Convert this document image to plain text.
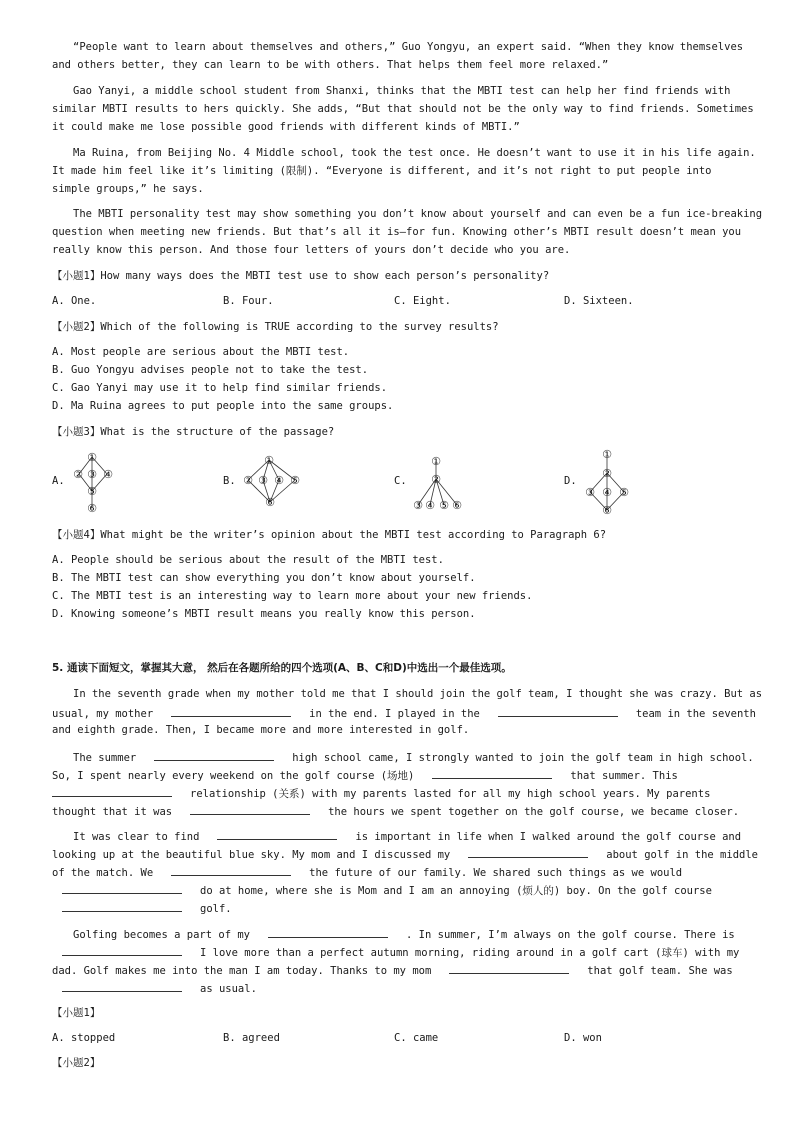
“People want to learn about themselves and others,” Guo Yongyu, an expert said. “When they know themselves
and others better, they can learn to be with others. That helps them feel more relaxed.”
Gao Yanyi, a middle school student from Shanxi, thinks that the MBTI test can help her find friends with
similar MBTI results to hers quickly. She adds, “But that should not be the only way to find friends. Sometimes
it could make me lose possible good friends with different kinds of MBTI.”
Ma Ruina, from Beijing No. 4 Middle school, took the test once. He doesn’t want to use it in his life again.
It made him feel like it’s limiting (限制). “Everyone is different, and it’s not right to put people into
simple groups,” he says.
The MBTI personality test may show something you don’t know about yourself and can even be a fun ice-breaking
question when meeting new friends. But that’s all it is—for fun. Knowing other’s MBTI result doesn’t mean you
really know this person. And those four letters of yours don’t decide who you are.
【小题1】How many ways does the MBTI test use to show each person’s personality?
A. One.	B. Four.	C. Eight.	D. Sixteen.
【小题2】Which of the following is TRUE according to the survey results?
A. Most people are serious about the MBTI test.
B. Guo Yongyu advises people not to take the test.
C. Gao Yanyi may use it to help find similar friends.
D. Ma Ruina agrees to put people into the same groups.
【小题3】What is the structure of the passage?
A.
①
② ③ ④
⑤
⑥
B.
①
② ③ ④ ⑤
⑥
C.
①
②
③ ④ ⑤ ⑥
D.
①
②
③ ④ ⑤
⑥
【小题4】What might be the writer’s opinion about the MBTI test according to Paragraph 6?
A. People should be serious about the result of the MBTI test.
B. The MBTI test can show everything you don’t know about yourself.
C. The MBTI test is an interesting way to learn more about your new friends.
D. Knowing someone’s MBTI result means you really know this person.
5. 通读下面短文，掌握其大意， 然后在各题所给的四个选项(A、B、C和D)中选出一个最佳选项。
In the seventh grade when my mother told me that I should join the golf team, I thought she was crazy. But as
usual, my mother	in the end. I played in the	team in the seventh
and eighth grade. Then, I became more and more interested in golf.
The summer	high school came, I strongly wanted to join the golf team in high school.
So, I spent nearly every weekend on the golf course (场地)	that summer. This
relationship (关系) with my parents lasted for all my high school years. My parents
thought that it was	the hours we spent together on the golf course, we became closer.
It was clear to find	is important in life when I walked around the golf course and
looking up at the beautiful blue sky. My mom and I discussed my	about golf in the middle
of the match. We	the future of our family. We shared such things as we would
do at home, where she is Mom and I am an annoying (烦人的) boy. On the golf course
golf.
Golfing becomes a part of my	. In summer, I’m always on the golf course. There is
I love more than a perfect autumn morning, riding around in a golf cart (球车) with my
dad. Golf makes me into the man I am today. Thanks to my mom	that golf team. She was
as usual.
【小题1】
A. stopped	B. agreed	C. came	D. won
【小题2】
